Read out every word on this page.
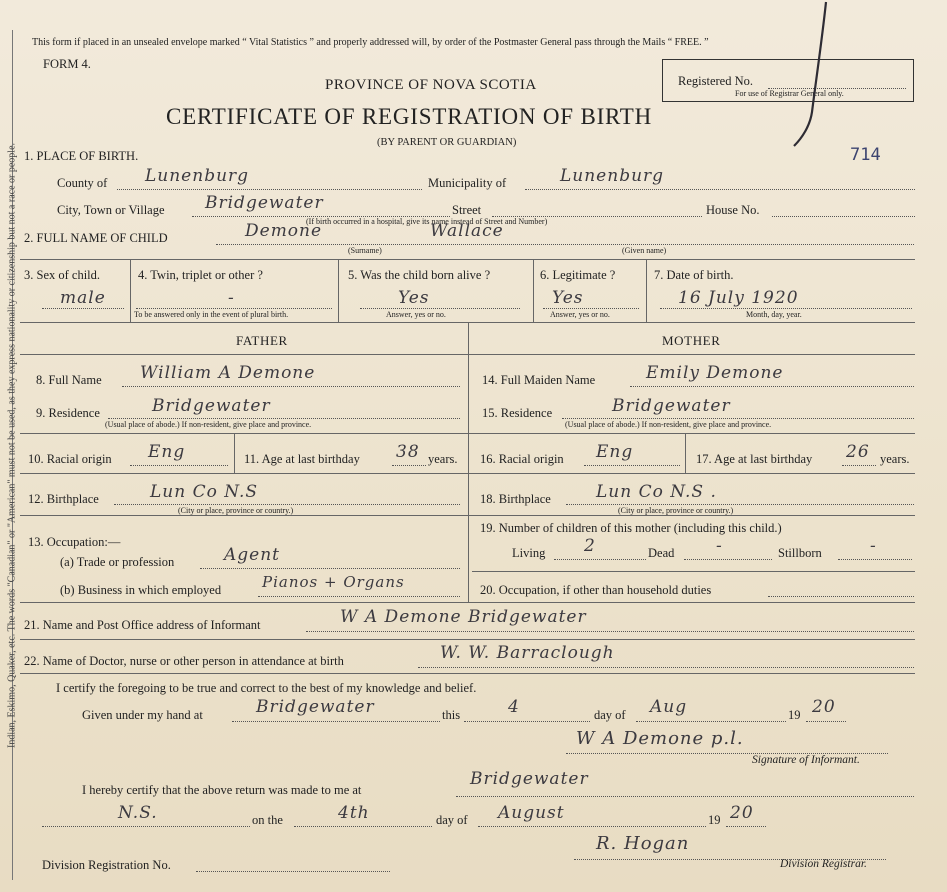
Indian, Eskimo, Quaker, etc. The words "Canadian" or "American" must not be used, as they express nationality or citizenship but not a race or people.
This form if placed in an unsealed envelope marked “ Vital Statistics ” and properly addressed will, by order of the Postmaster General pass through the Mails “ FREE. ”
FORM 4.
PROVINCE OF NOVA SCOTIA
CERTIFICATE OF REGISTRATION OF BIRTH
(BY PARENT OR GUARDIAN)
Registered No.
For use of Registrar General only.
714
1. PLACE OF BIRTH.
County of Lunenburg	Municipality of	Lunenburg
City, Town or Village Bridgewater	Street	House No.
(If birth occurred in a hospital, give its name instead of Street and Number)
2. FULL NAME OF CHILD	Demone	Wallace
(Surname)	(Given name)
3. Sex of child.
male
4. Twin, triplet or other ?
-
To be answered only in the event of plural birth.
5. Was the child born alive ?
Yes
Answer, yes or no.
6. Legitimate ?
Yes
Answer, yes or no.
7. Date of birth.
16 July 1920
Month, day, year.
FATHER	MOTHER
8. Full Name William A Demone	14. Full Maiden Name	Emily Demone
9. Residence	Bridgewater
(Usual place of abode.) If non-resident, give place and province.
15. Residence	Bridgewater
(Usual place of abode.) If non-resident, give place and province.
10. Racial origin Eng	11. Age at last birthday 38 years. 16. Racial origin Eng	17. Age at last birthday 26 years.
12. Birthplace	Lun Co N.S
(City or place, province or country.)
18. Birthplace	Lun Co N.S .
(City or place, province or country.)
13. Occupation:—
(a) Trade or profession	Agent
(b) Business in which employed	Pianos + Organs
19. Number of children of this mother (including this child.)
Living 2	Dead -	Stillborn	-
20. Occupation, if other than household duties
21. Name and Post Office address of Informant	W A Demone Bridgewater
22. Name of Doctor, nurse or other person in attendance at birth	W. W. Barraclough
I certify the foregoing to be true and correct to the best of my knowledge and belief.
Given under my hand at	Bridgewater	this	4	day of Aug	19 20
W A Demone p.l.
Signature of Informant.
I hereby certify that the above return was made to me at
Bridgewater
N.S.	on the	4th	day of August	19 20
Division Registration No.
R. Hogan
Division Registrar.
